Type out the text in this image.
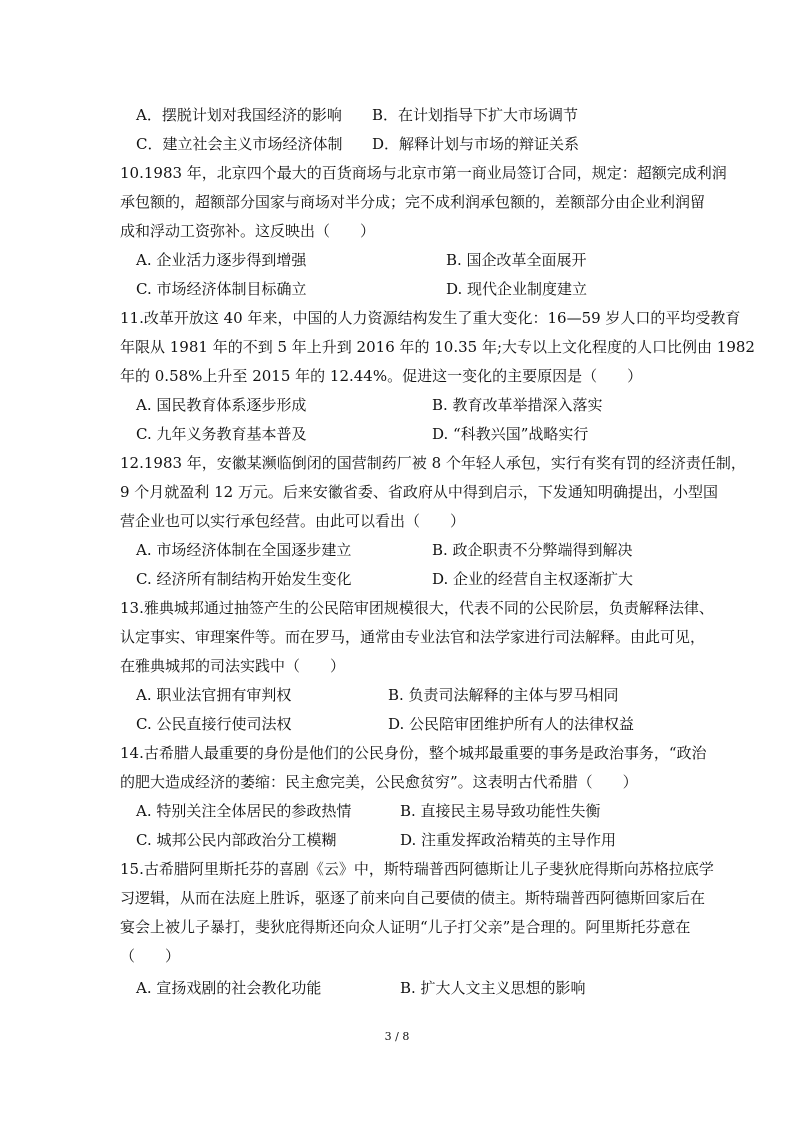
A．摆脱计划对我国经济的影响 B．在计划指导下扩大市场调节
C．建立社会主义市场经济体制 D．解释计划与市场的辩证关系
10.1983 年，北京四个最大的百货商场与北京市第一商业局签订合同，规定：超额完成利润
承包额的，超额部分国家与商场对半分成；完不成利润承包额的，差额部分由企业利润留
成和浮动工资弥补。这反映出（　　）
A. 企业活力逐步得到增强	B. 国企改革全面展开
C. 市场经济体制目标确立	D. 现代企业制度建立
11.改革开放这 40 年来，中国的人力资源结构发生了重大变化：16—59 岁人口的平均受教育
年限从 1981 年的不到 5 年上升到 2016 年的 10.35 年;大专以上文化程度的人口比例由 1982
年的 0.58%上升至 2015 年的 12.44%。促进这一变化的主要原因是（　　）
A. 国民教育体系逐步形成	B. 教育改革举措深入落实
C. 九年义务教育基本普及	D. “科教兴国”战略实行
12.1983 年，安徽某濒临倒闭的国营制药厂被 8 个年轻人承包，实行有奖有罚的经济责任制，
9 个月就盈利 12 万元。后来安徽省委、省政府从中得到启示，下发通知明确提出，小型国
营企业也可以实行承包经营。由此可以看出（　　）
A. 市场经济体制在全国逐步建立	B. 政企职责不分弊端得到解决
C. 经济所有制结构开始发生变化	D. 企业的经营自主权逐渐扩大
13.雅典城邦通过抽签产生的公民陪审团规模很大，代表不同的公民阶层，负责解释法律、
认定事实、审理案件等。而在罗马，通常由专业法官和法学家进行司法解释。由此可见，
在雅典城邦的司法实践中（　　）
A. 职业法官拥有审判权	B. 负责司法解释的主体与罗马相同
C. 公民直接行使司法权	D. 公民陪审团维护所有人的法律权益
14.古希腊人最重要的身份是他们的公民身份，整个城邦最重要的事务是政治事务，“政治
的肥大造成经济的萎缩：民主愈完美，公民愈贫穷”。这表明古代希腊（　　）
A. 特别关注全体居民的参政热情	B. 直接民主易导致功能性失衡
C. 城邦公民内部政治分工模糊	D. 注重发挥政治精英的主导作用
15.古希腊阿里斯托芬的喜剧《云》中，斯特瑞普西阿德斯让儿子斐狄庇得斯向苏格拉底学
习逻辑，从而在法庭上胜诉，驱逐了前来向自己要债的债主。斯特瑞普西阿德斯回家后在
宴会上被儿子暴打，斐狄庇得斯还向众人证明“儿子打父亲”是合理的。阿里斯托芬意在
（　　）
A. 宣扬戏剧的社会教化功能	B. 扩大人文主义思想的影响
3 / 8
